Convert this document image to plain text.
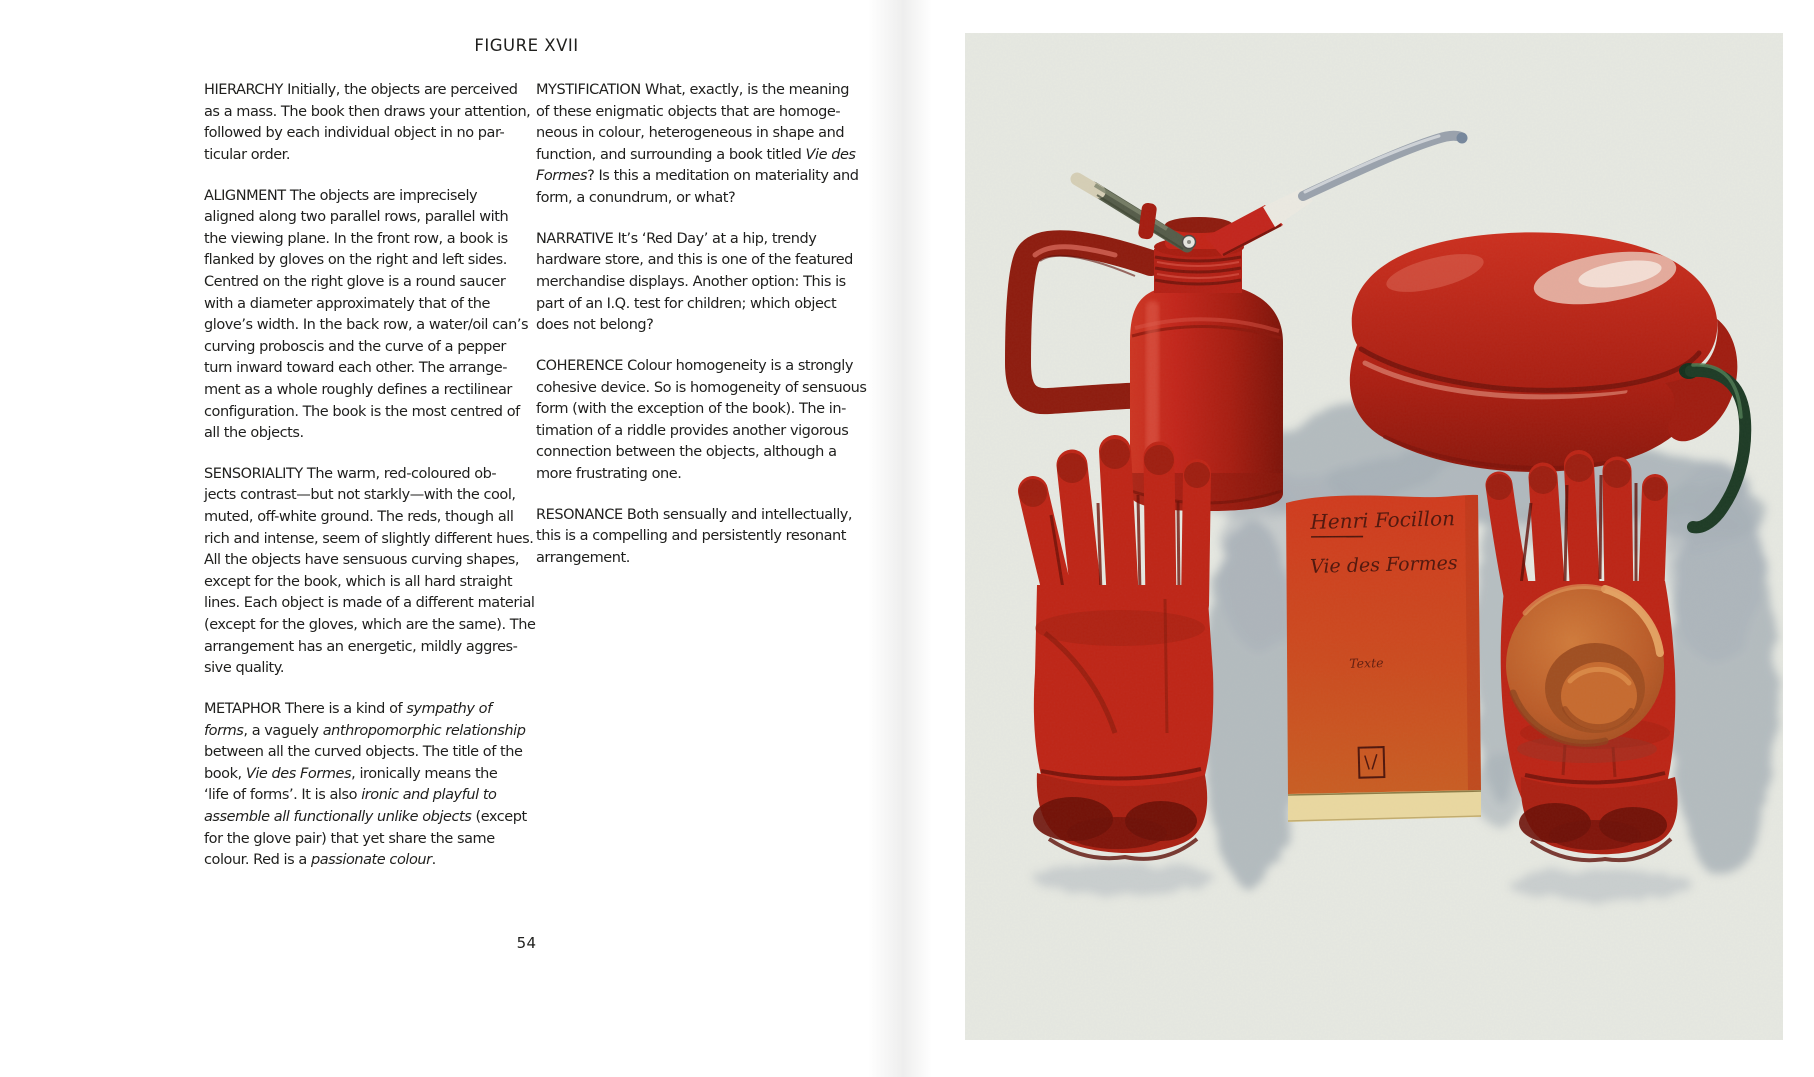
FIGURE XVII
HIERARCHY Initially, the objects are perceived
as a mass. The book then draws your attention,
followed by each individual object in no par-
ticular order.
ALIGNMENT The objects are imprecisely
aligned along two parallel rows, parallel with
the viewing plane. In the front row, a book is
flanked by gloves on the right and left sides.
Centred on the right glove is a round saucer
with a diameter approximately that of the
glove’s width. In the back row, a water/oil can’s
curving proboscis and the curve of a pepper
turn inward toward each other. The arrange-
ment as a whole roughly defines a rectilinear
configuration. The book is the most centred of
all the objects.
SENSORIALITY The warm, red-coloured ob-
jects contrast—but not starkly—with the cool,
muted, off-white ground. The reds, though all
rich and intense, seem of slightly different hues.
All the objects have sensuous curving shapes,
except for the book, which is all hard straight
lines. Each object is made of a different material
(except for the gloves, which are the same). The
arrangement has an energetic, mildly aggres-
sive quality.
METAPHOR There is a kind of sympathy of
forms, a vaguely anthropomorphic relationship
between all the curved objects. The title of the
book, Vie des Formes, ironically means the
‘life of forms’. It is also ironic and playful to
assemble all functionally unlike objects (except
for the glove pair) that yet share the same
colour. Red is a passionate colour.
MYSTIFICATION What, exactly, is the meaning
of these enigmatic objects that are homoge-
neous in colour, heterogeneous in shape and
function, and surrounding a book titled Vie des
Formes? Is this a meditation on materiality and
form, a conundrum, or what?
NARRATIVE It’s ‘Red Day’ at a hip, trendy
hardware store, and this is one of the featured
merchandise displays. Another option: This is
part of an I.Q. test for children; which object
does not belong?
COHERENCE Colour homogeneity is a strongly
cohesive device. So is homogeneity of sensuous
form (with the exception of the book). The in-
timation of a riddle provides another vigorous
connection between the objects, although a
more frustrating one.
RESONANCE Both sensually and intellectually,
this is a compelling and persistently resonant
arrangement.
54
